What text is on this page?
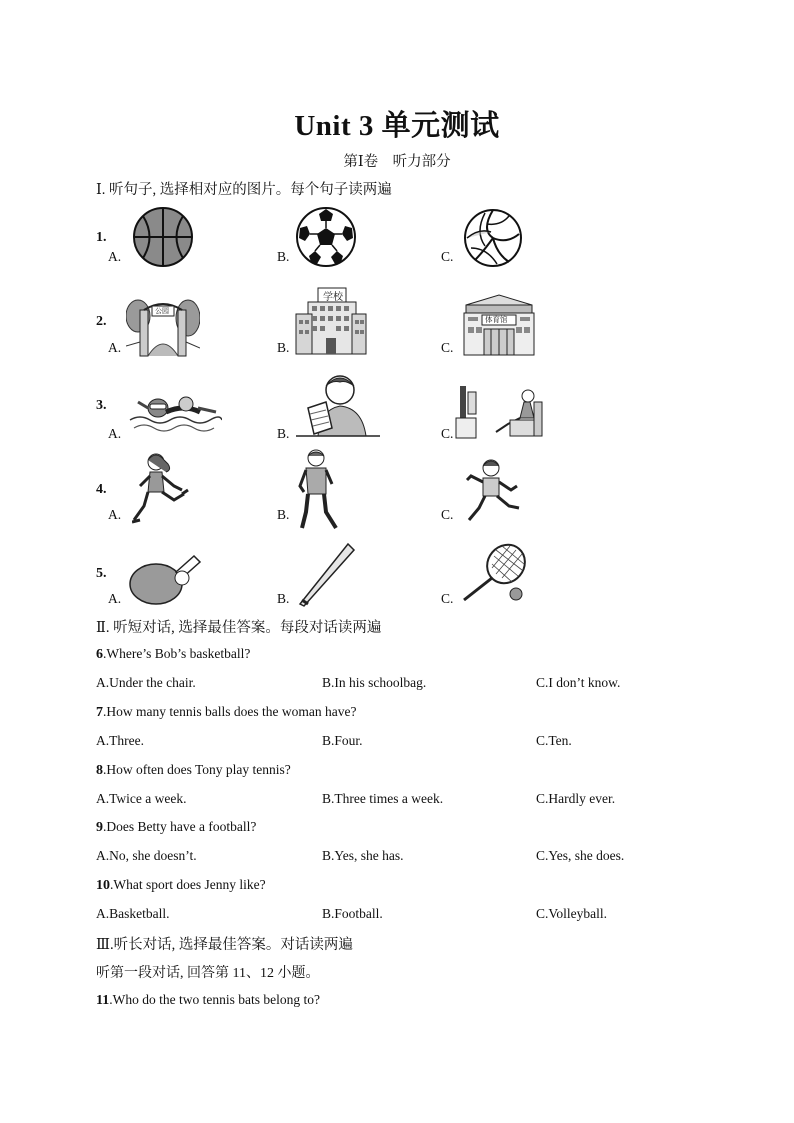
Unit 3 单元测试
第Ⅰ卷　听力部分
Ⅰ. 听句子, 选择相对应的图片。每个句子读两遍
1.
A.	B.	C.
2.
A.	B.	C.
公园
学校
体育馆
3.
A.	B.	C.
4.
A.	B.	C.
5.
A.	B.	C.
Ⅱ. 听短对话, 选择最佳答案。每段对话读两遍
6.Where’s Bob’s basketball?
A.Under the chair.	B.In his schoolbag.	C.I don’t know.
7.How many tennis balls does the woman have?
A.Three.	B.Four.	C.Ten.
8.How often does Tony play tennis?
A.Twice a week.	B.Three times a week.	C.Hardly ever.
9.Does Betty have a football?
A.No, she doesn’t.	B.Yes, she has.	C.Yes, she does.
10.What sport does Jenny like?
A.Basketball.	B.Football.	C.Volleyball.
Ⅲ.听长对话, 选择最佳答案。对话读两遍
听第一段对话, 回答第 11、12 小题。
11.Who do the two tennis bats belong to?
